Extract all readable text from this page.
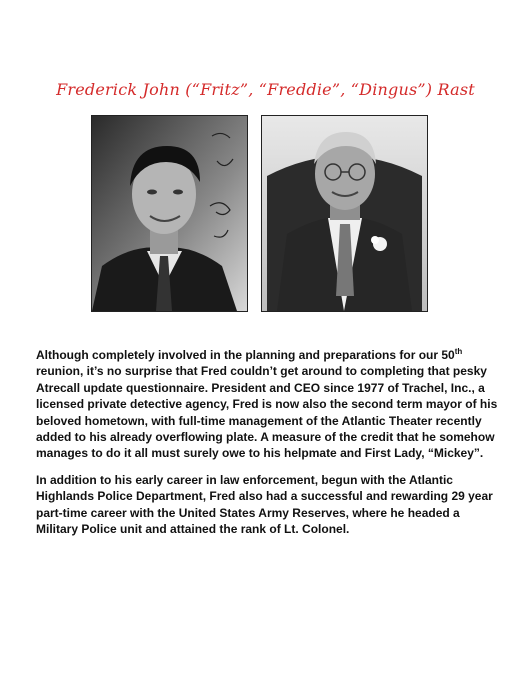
Frederick John (“Fritz”, “Freddie”, “Dingus”) Rast

Although completely involved in the planning and preparations for our 50th reunion, it’s no surprise that Fred couldn’t get around to completing that pesky Atrecall update questionnaire. President and CEO since 1977 of Trachel, Inc., a licensed private detective agency, Fred is now also the second term mayor of his beloved hometown, with full-time management of the Atlantic Theater recently added to his already overflowing plate. A measure of the credit that he somehow manages to do it all must surely owe to his helpmate and First Lady, “Mickey”.

In addition to his early career in law enforcement, begun with the Atlantic Highlands Police Department, Fred also had a successful and rewarding 29 year part-time career with the United States Army Reserves, where he headed a Military Police unit and attained the rank of Lt. Colonel.
